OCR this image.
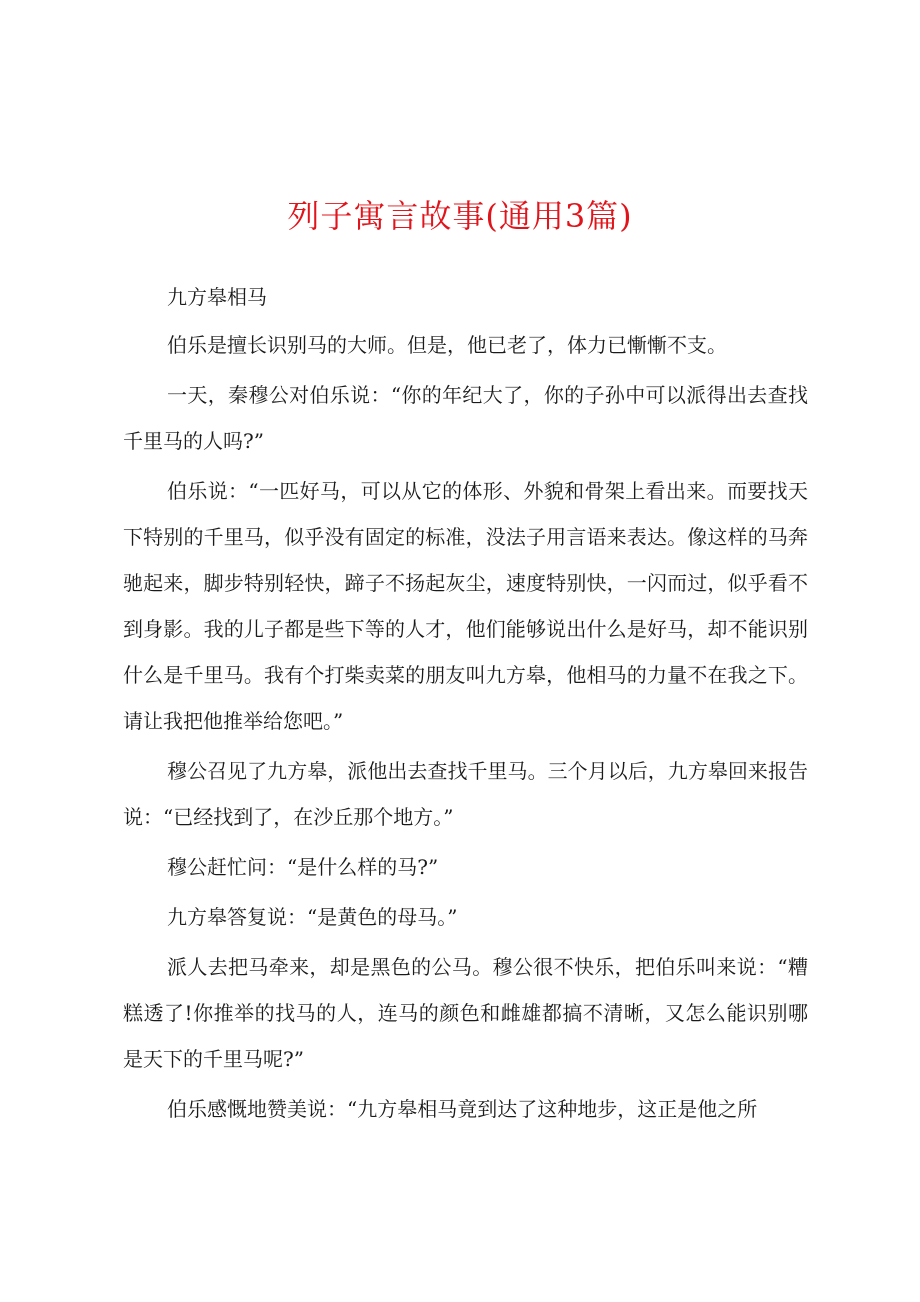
列子寓言故事(通用3篇)
九方皋相马

伯乐是擅长识别马的大师。但是，他已老了，体力已慚慚不支。

一天，秦穆公对伯乐说：“你的年纪大了，你的子孙中可以派得出去查找千里马的人吗?”

伯乐说：“一匹好马，可以从它的体形、外貌和骨架上看出来。而要找天下特别的千里马，似乎没有固定的标准，没法子用言语来表达。像这样的马奔驰起来，脚步特别轻快，蹄子不扬起灰尘，速度特别快，一闪而过，似乎看不到身影。我的儿子都是些下等的人才，他们能够说出什么是好马，却不能识别什么是千里马。我有个打柴卖菜的朋友叫九方皋，他相马的力量不在我之下。请让我把他推举给您吧。”

穆公召见了九方皋，派他出去查找千里马。三个月以后，九方皋回来报告说：“已经找到了，在沙丘那个地方。”

穆公赶忙问：“是什么样的马?”

九方皋答复说：“是黄色的母马。”

派人去把马牵来，却是黑色的公马。穆公很不快乐，把伯乐叫来说：“糟糕透了!你推举的找马的人，连马的颜色和雌雄都搞不清晰，又怎么能识别哪是天下的千里马呢?”

伯乐感慨地赞美说：“九方皋相马竟到达了这种地步，这正是他之所
